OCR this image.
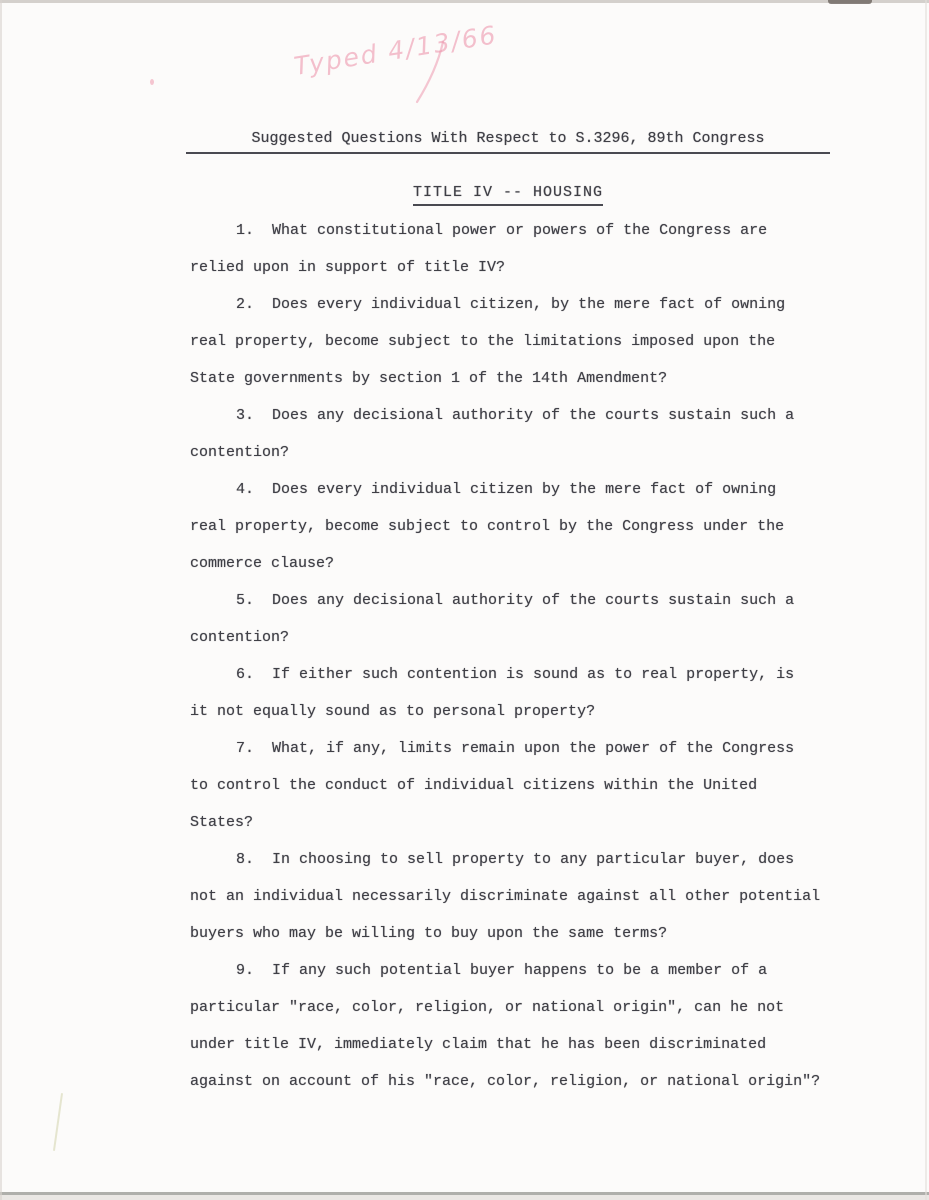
Typed 4/13/66
Suggested Questions With Respect to S.3296, 89th Congress
TITLE IV -- HOUSING
1.  What constitutional power or powers of the Congress are
relied upon in support of title IV?
2.  Does every individual citizen, by the mere fact of owning
real property, become subject to the limitations imposed upon the
State governments by section 1 of the 14th Amendment?
3.  Does any decisional authority of the courts sustain such a
contention?
4.  Does every individual citizen by the mere fact of owning
real property, become subject to control by the Congress under the
commerce clause?
5.  Does any decisional authority of the courts sustain such a
contention?
6.  If either such contention is sound as to real property, is
it not equally sound as to personal property?
7.  What, if any, limits remain upon the power of the Congress
to control the conduct of individual citizens within the United
States?
8.  In choosing to sell property to any particular buyer, does
not an individual necessarily discriminate against all other potential
buyers who may be willing to buy upon the same terms?
9.  If any such potential buyer happens to be a member of a
particular "race, color, religion, or national origin", can he not
under title IV, immediately claim that he has been discriminated
against on account of his "race, color, religion, or national origin"?
